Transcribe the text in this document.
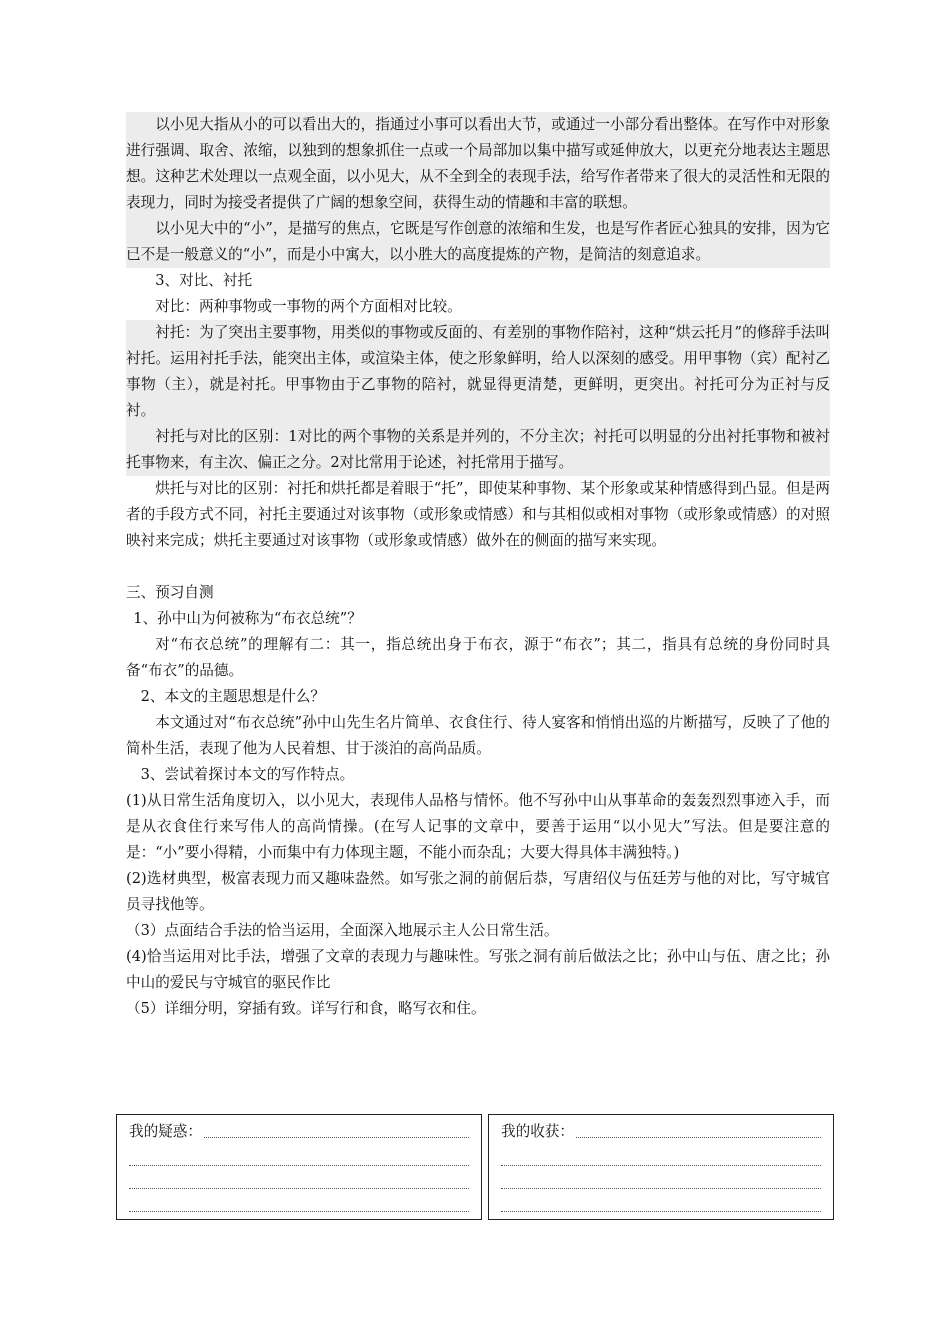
以小见大指从小的可以看出大的，指通过小事可以看出大节，或通过一小部分看出整体。在写作中对形象进行强调、取舍、浓缩，以独到的想象抓住一点或一个局部加以集中描写或延伸放大，以更充分地表达主题思想。这种艺术处理以一点观全面，以小见大，从不全到全的表现手法，给写作者带来了很大的灵活性和无限的表现力，同时为接受者提供了广阔的想象空间，获得生动的情趣和丰富的联想。

以小见大中的“小”，是描写的焦点，它既是写作创意的浓缩和生发，也是写作者匠心独具的安排，因为它已不是一般意义的“小”，而是小中寓大，以小胜大的高度提炼的产物，是简洁的刻意追求。

3、对比、衬托

对比：两种事物或一事物的两个方面相对比较。

衬托：为了突出主要事物，用类似的事物或反面的、有差别的事物作陪衬，这种“烘云托月”的修辞手法叫衬托。运用衬托手法，能突出主体，或渲染主体，使之形象鲜明，给人以深刻的感受。用甲事物（宾）配衬乙事物（主），就是衬托。甲事物由于乙事物的陪衬，就显得更清楚，更鲜明，更突出。衬托可分为正衬与反衬。

衬托与对比的区别：1对比的两个事物的关系是并列的，不分主次；衬托可以明显的分出衬托事物和被衬托事物来，有主次、偏正之分。2对比常用于论述，衬托常用于描写。

烘托与对比的区别：衬托和烘托都是着眼于“托”，即使某种事物、某个形象或某种情感得到凸显。但是两者的手段方式不同，衬托主要通过对该事物（或形象或情感）和与其相似或相对事物（或形象或情感）的对照映衬来完成；烘托主要通过对该事物（或形象或情感）做外在的侧面的描写来实现。

三、预习自测

1、孙中山为何被称为“布衣总统”？

对“布衣总统”的理解有二：其一，指总统出身于布衣，源于“布衣”；其二，指具有总统的身份同时具备“布衣”的品德。

2、本文的主题思想是什么？

本文通过对“布衣总统”孙中山先生名片简单、衣食住行、待人宴客和悄悄出巡的片断描写，反映了了他的简朴生活，表现了他为人民着想、甘于淡泊的高尚品质。

3、尝试着探讨本文的写作特点。

(1)从日常生活角度切入，以小见大，表现伟人品格与情怀。他不写孙中山从事革命的轰轰烈烈事迹入手，而是从衣食住行来写伟人的高尚情操。(在写人记事的文章中，要善于运用“以小见大”写法。但是要注意的是：“小”要小得精，小而集中有力体现主题，不能小而杂乱；大要大得具体丰满独特。)

(2)选材典型，极富表现力而又趣味盎然。如写张之洞的前倨后恭，写唐绍仪与伍廷芳与他的对比，写守城官员寻找他等。

（3）点面结合手法的恰当运用，全面深入地展示主人公日常生活。

(4)恰当运用对比手法，增强了文章的表现力与趣味性。写张之洞有前后做法之比；孙中山与伍、唐之比；孙中山的爱民与守城官的驱民作比

（5）详细分明，穿插有致。详写行和食，略写衣和住。

我的疑惑：	我的收获：
